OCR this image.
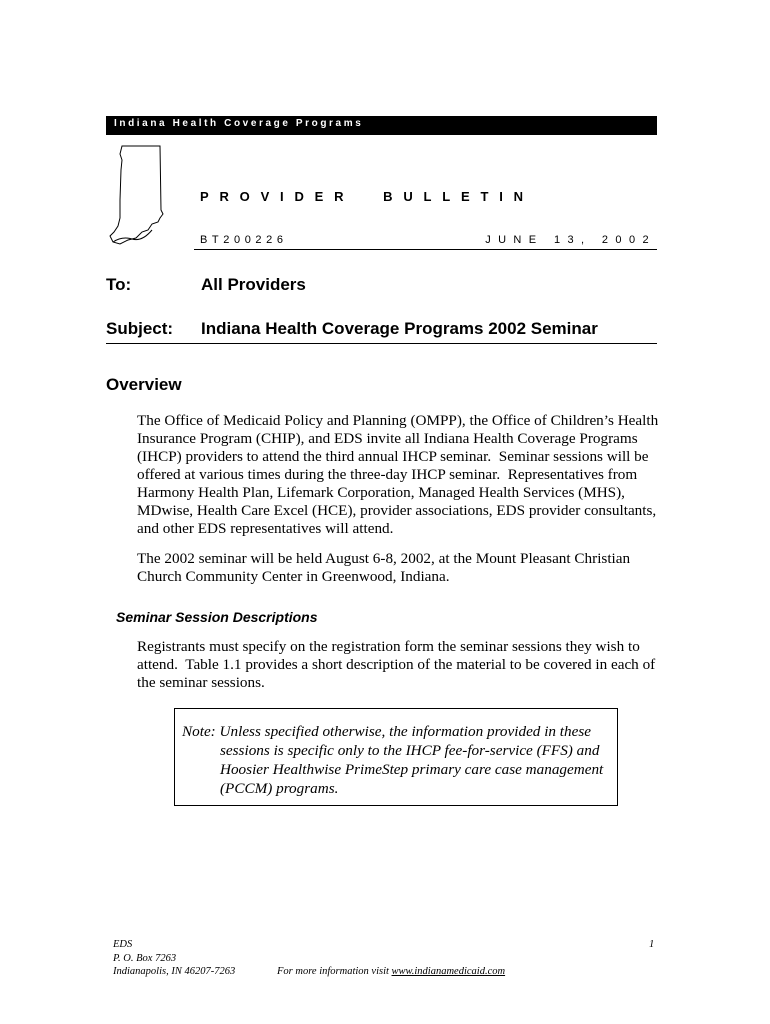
Indiana Health Coverage Programs
PROVIDER  BULLETIN
BT200226	JUNE 13, 2002
To:	All Providers
Subject: Indiana Health Coverage Programs 2002 Seminar
Overview
The Office of Medicaid Policy and Planning (OMPP), the Office of Children’s Health Insurance Program (CHIP), and EDS invite all Indiana Health Coverage Programs (IHCP) providers to attend the third annual IHCP seminar.  Seminar sessions will be offered at various times during the three-day IHCP seminar.  Representatives from Harmony Health Plan, Lifemark Corporation, Managed Health Services (MHS), MDwise, Health Care Excel (HCE), provider associations, EDS provider consultants, and other EDS representatives will attend.
The 2002 seminar will be held August 6-8, 2002, at the Mount Pleasant Christian Church Community Center in Greenwood, Indiana.
Seminar Session Descriptions
Registrants must specify on the registration form the seminar sessions they wish to attend.  Table 1.1 provides a short description of the material to be covered in each of the seminar sessions.
Note: Unless specified otherwise, the information provided in these
sessions is specific only to the IHCP fee-for-service (FFS) and
Hoosier Healthwise PrimeStep primary care case management
(PCCM) programs.
EDS
P. O. Box 7263
Indianapolis, IN 46207-7263	For more information visit www.indianamedicaid.com
1
